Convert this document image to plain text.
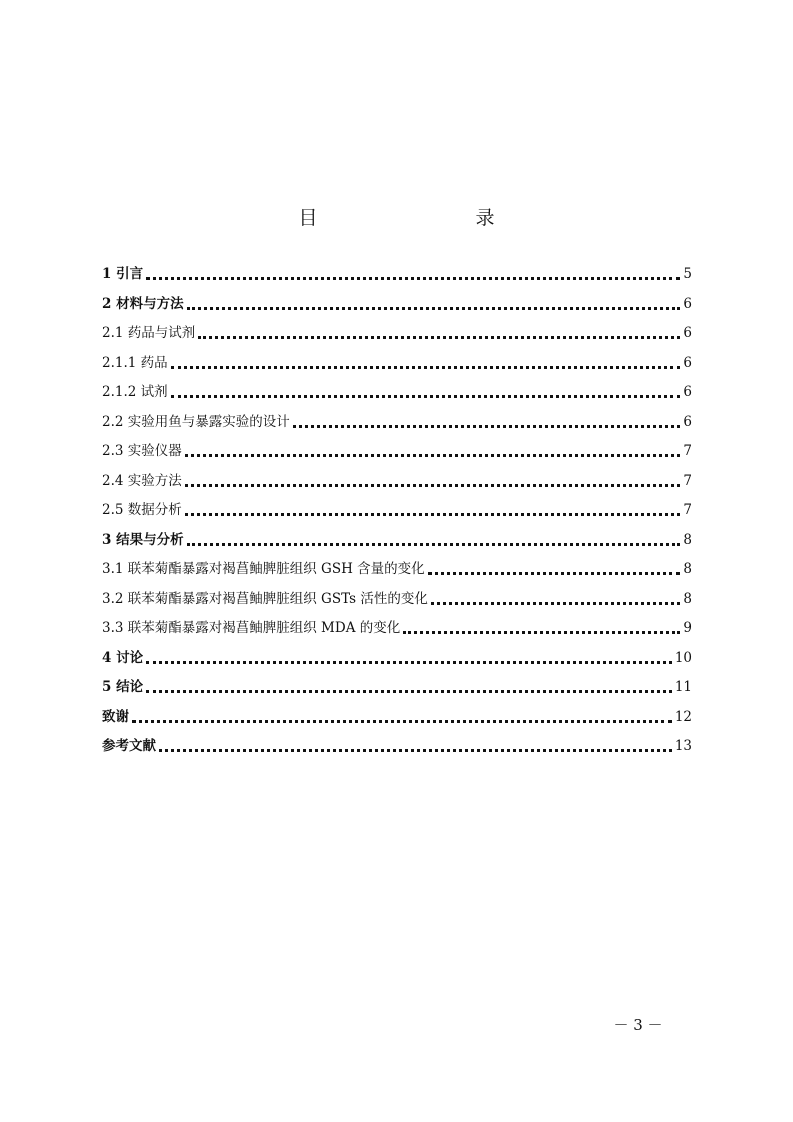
目　　录
1 引言	5
2 材料与方法	6
2.1 药品与试剂	6
2.1.1 药品	6
2.1.2 试剂	6
2.2 实验用鱼与暴露实验的设计	6
2.3 实验仪器	7
2.4 实验方法	7
2.5 数据分析	7
3 结果与分析	8
3.1 联苯菊酯暴露对褐菖鲉脾脏组织 GSH 含量的变化	8
3.2 联苯菊酯暴露对褐菖鲉脾脏组织 GSTs 活性的变化	8
3.3 联苯菊酯暴露对褐菖鲉脾脏组织 MDA 的变化	9
4 讨论	10
5 结论	11
致谢	12
参考文献	13
－ 3 －
